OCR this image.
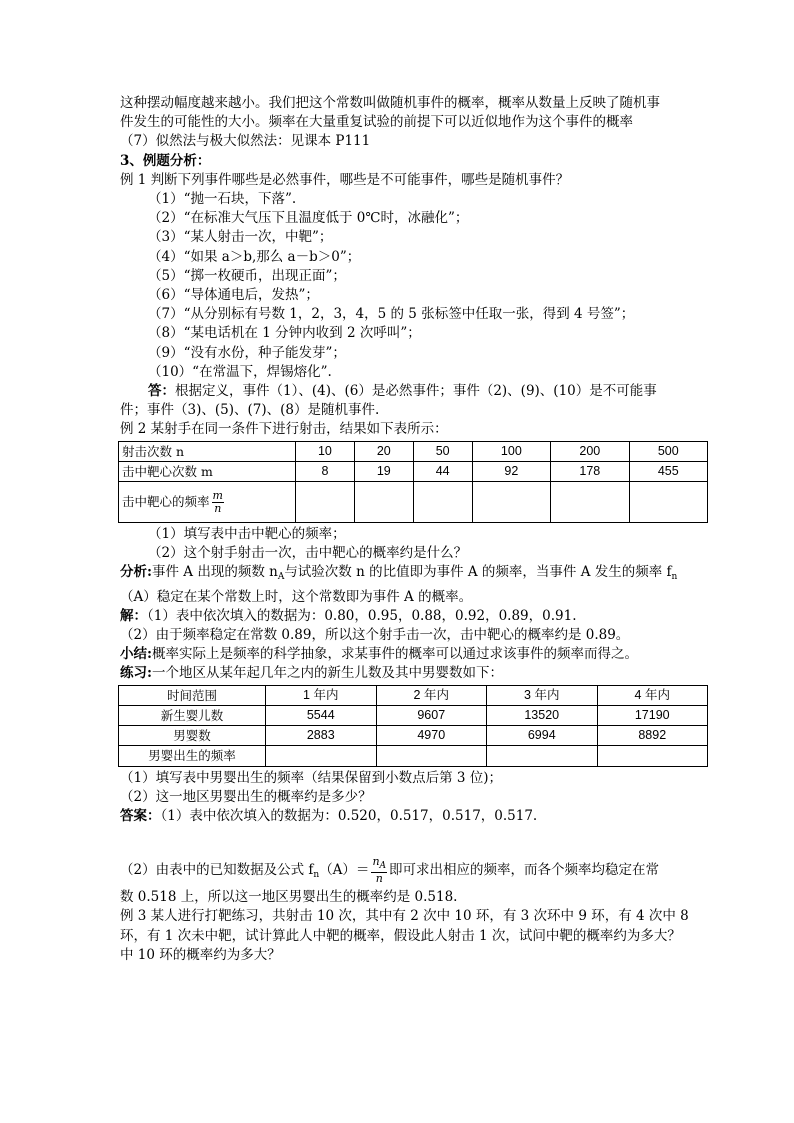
这种摆动幅度越来越小。我们把这个常数叫做随机事件的概率，概率从数量上反映了随机事
件发生的可能性的大小。频率在大量重复试验的前提下可以近似地作为这个事件的概率
（7）似然法与极大似然法：见课本 P111
3、例题分析：
例 1 判断下列事件哪些是必然事件，哪些是不可能事件，哪些是随机事件？
（1）“抛一石块，下落”.
（2）“在标准大气压下且温度低于 0℃时，冰融化”；
（3）“某人射击一次，中靶”；
（4）“如果 a＞b,那么 a－b＞0”；
（5）“掷一枚硬币，出现正面”；
（6）“导体通电后，发热”；
（7）“从分别标有号数 1，2，3，4，5 的 5 张标签中任取一张，得到 4 号签”；
（8）“某电话机在 1 分钟内收到 2 次呼叫”；
（9）“没有水份，种子能发芽”；
（10）“在常温下，焊锡熔化”.
答：根据定义，事件（1）、(4)、(6）是必然事件；事件（2)、(9)、(10）是不可能事
件；事件（3)、(5)、(7)、(8）是随机事件.
例 2 某射手在同一条件下进行射击，结果如下表所示：
射击次数 n	10	20	50	100	200	500
击中靶心次数 m	8	19	44	92	178	455
击中靶心的频率 $\frac{m}{n}$

（1）填写表中击中靶心的频率；
（2）这个射手射击一次，击中靶心的概率约是什么？
分析:事件 A 出现的频数 $n_A$与试验次数 n 的比值即为事件 A 的频率，当事件 A 发生的频率 $f_n$
（A）稳定在某个常数上时，这个常数即为事件 A 的概率。
解：（1）表中依次填入的数据为：0.80，0.95，0.88，0.92，0.89，0.91.
（2）由于频率稳定在常数 0.89，所以这个射手击一次，击中靶心的概率约是 0.89。
小结:概率实际上是频率的科学抽象，求某事件的概率可以通过求该事件的频率而得之。
练习:一个地区从某年起几年之内的新生儿数及其中男婴数如下：
时间范围	1 年内	2 年内	3 年内	4 年内
新生婴儿数	5544	9607	13520	17190
男婴数	2883	4970	6994	8892
男婴出生的频率				
（1）填写表中男婴出生的频率（结果保留到小数点后第 3 位)；
（2）这一地区男婴出生的概率约是多少？
答案：（1）表中依次填入的数据为：0.520，0.517，0.517，0.517.
（2）由表中的已知数据及公式 $f_n(A)= \frac{n_A}{n}$ 即可求出相应的频率，而各个频率均稳定在常
数 0.518 上，所以这一地区男婴出生的概率约是 0.518.
例 3 某人进行打靶练习，共射击 10 次，其中有 2 次中 10 环，有 3 次环中 9 环，有 4 次中 8
环，有 1 次未中靶，试计算此人中靶的概率，假设此人射击 1 次，试问中靶的概率约为多大？
中 10 环的概率约为多大？
